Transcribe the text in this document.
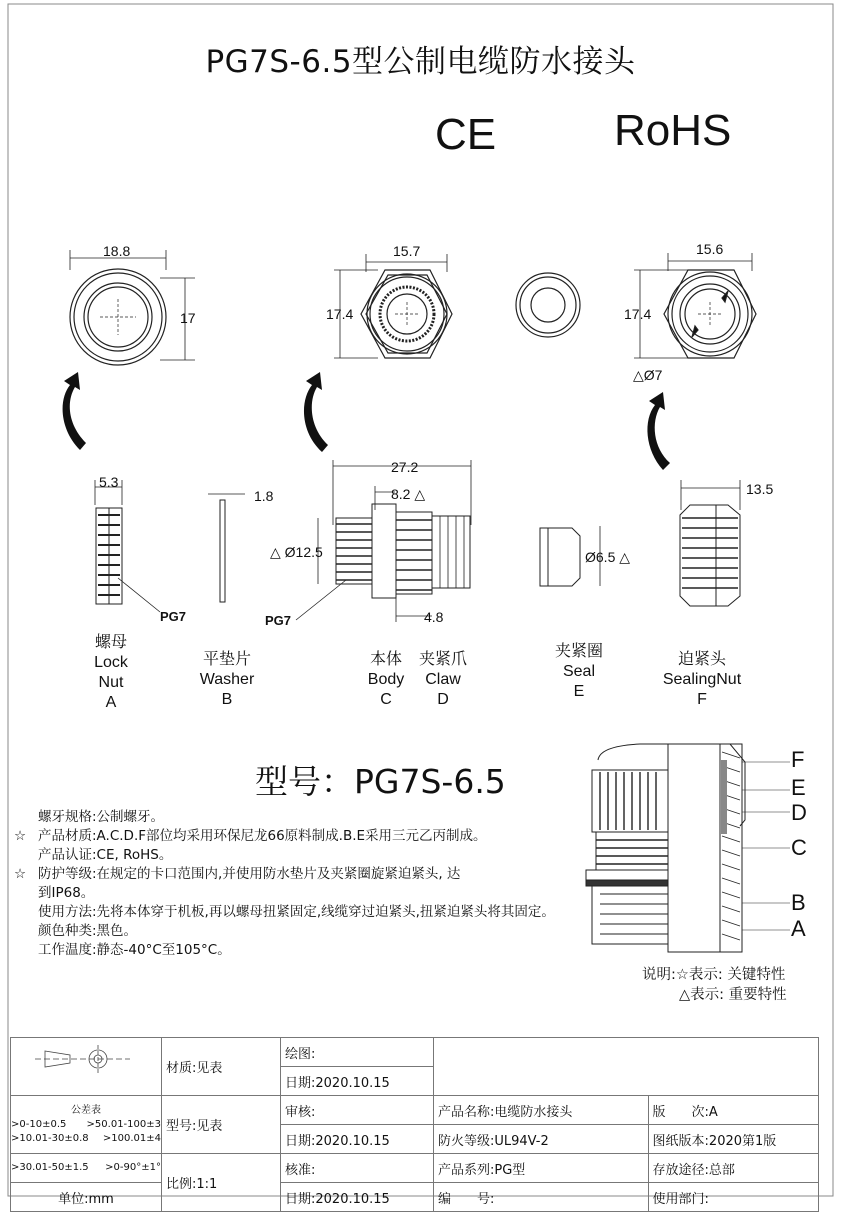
PG7S-6.5型公制电缆防水接头
CE	RoHS
18.8
17
15.7
17.4
15.6
17.4
△Ø7
5.3
1.8
27.2
8.2 △
△ Ø12.5
4.8
Ø6.5 △
13.5
PG7	PG7
螺母
Lock
Nut
A
平垫片
Washer
B
本体
Body
C
夹紧爪
Claw
D
夹紧圈
Seal
E
迫紧头
SealingNut
F
型号：PG7S-6.5
螺牙规格:公制螺牙。
☆ 产品材质:A.C.D.F部位均采用环保尼龙66原料制成.B.E采用三元乙丙制成。
产品认证:CE, RoHS。
☆ 防护等级:在规定的卡口范围内,并使用防水垫片及夹紧圈旋紧迫紧头, 达
到IP68。
使用方法:先将本体穿于机板,再以螺母扭紧固定,线缆穿过迫紧头,扭紧迫紧头将其固定。
颜色种类:黑色。
工作温度:静态-40°C至105°C。
F
E
D
C
B
A
说明:☆表示: 关键特性
△表示: 重要特性
	材质:见表	绘图:		
		日期:2020.10.15		

公差表
>0-10±0.5 >50.01-100±3
>10.01-30±0.8 >100.01±4	型号:见表	审核:	产品名称:电缆防水接头	版　　次:A
		日期:2020.10.15	防火等级:UL94V-2	图纸版本:2020第1版

>30.01-50±1.5 >0-90°±1°	比例:1:1	核准:	产品系列:PG型	存放途径:总部
单位:mm		日期:2020.10.15	编　　号:	使用部门:
